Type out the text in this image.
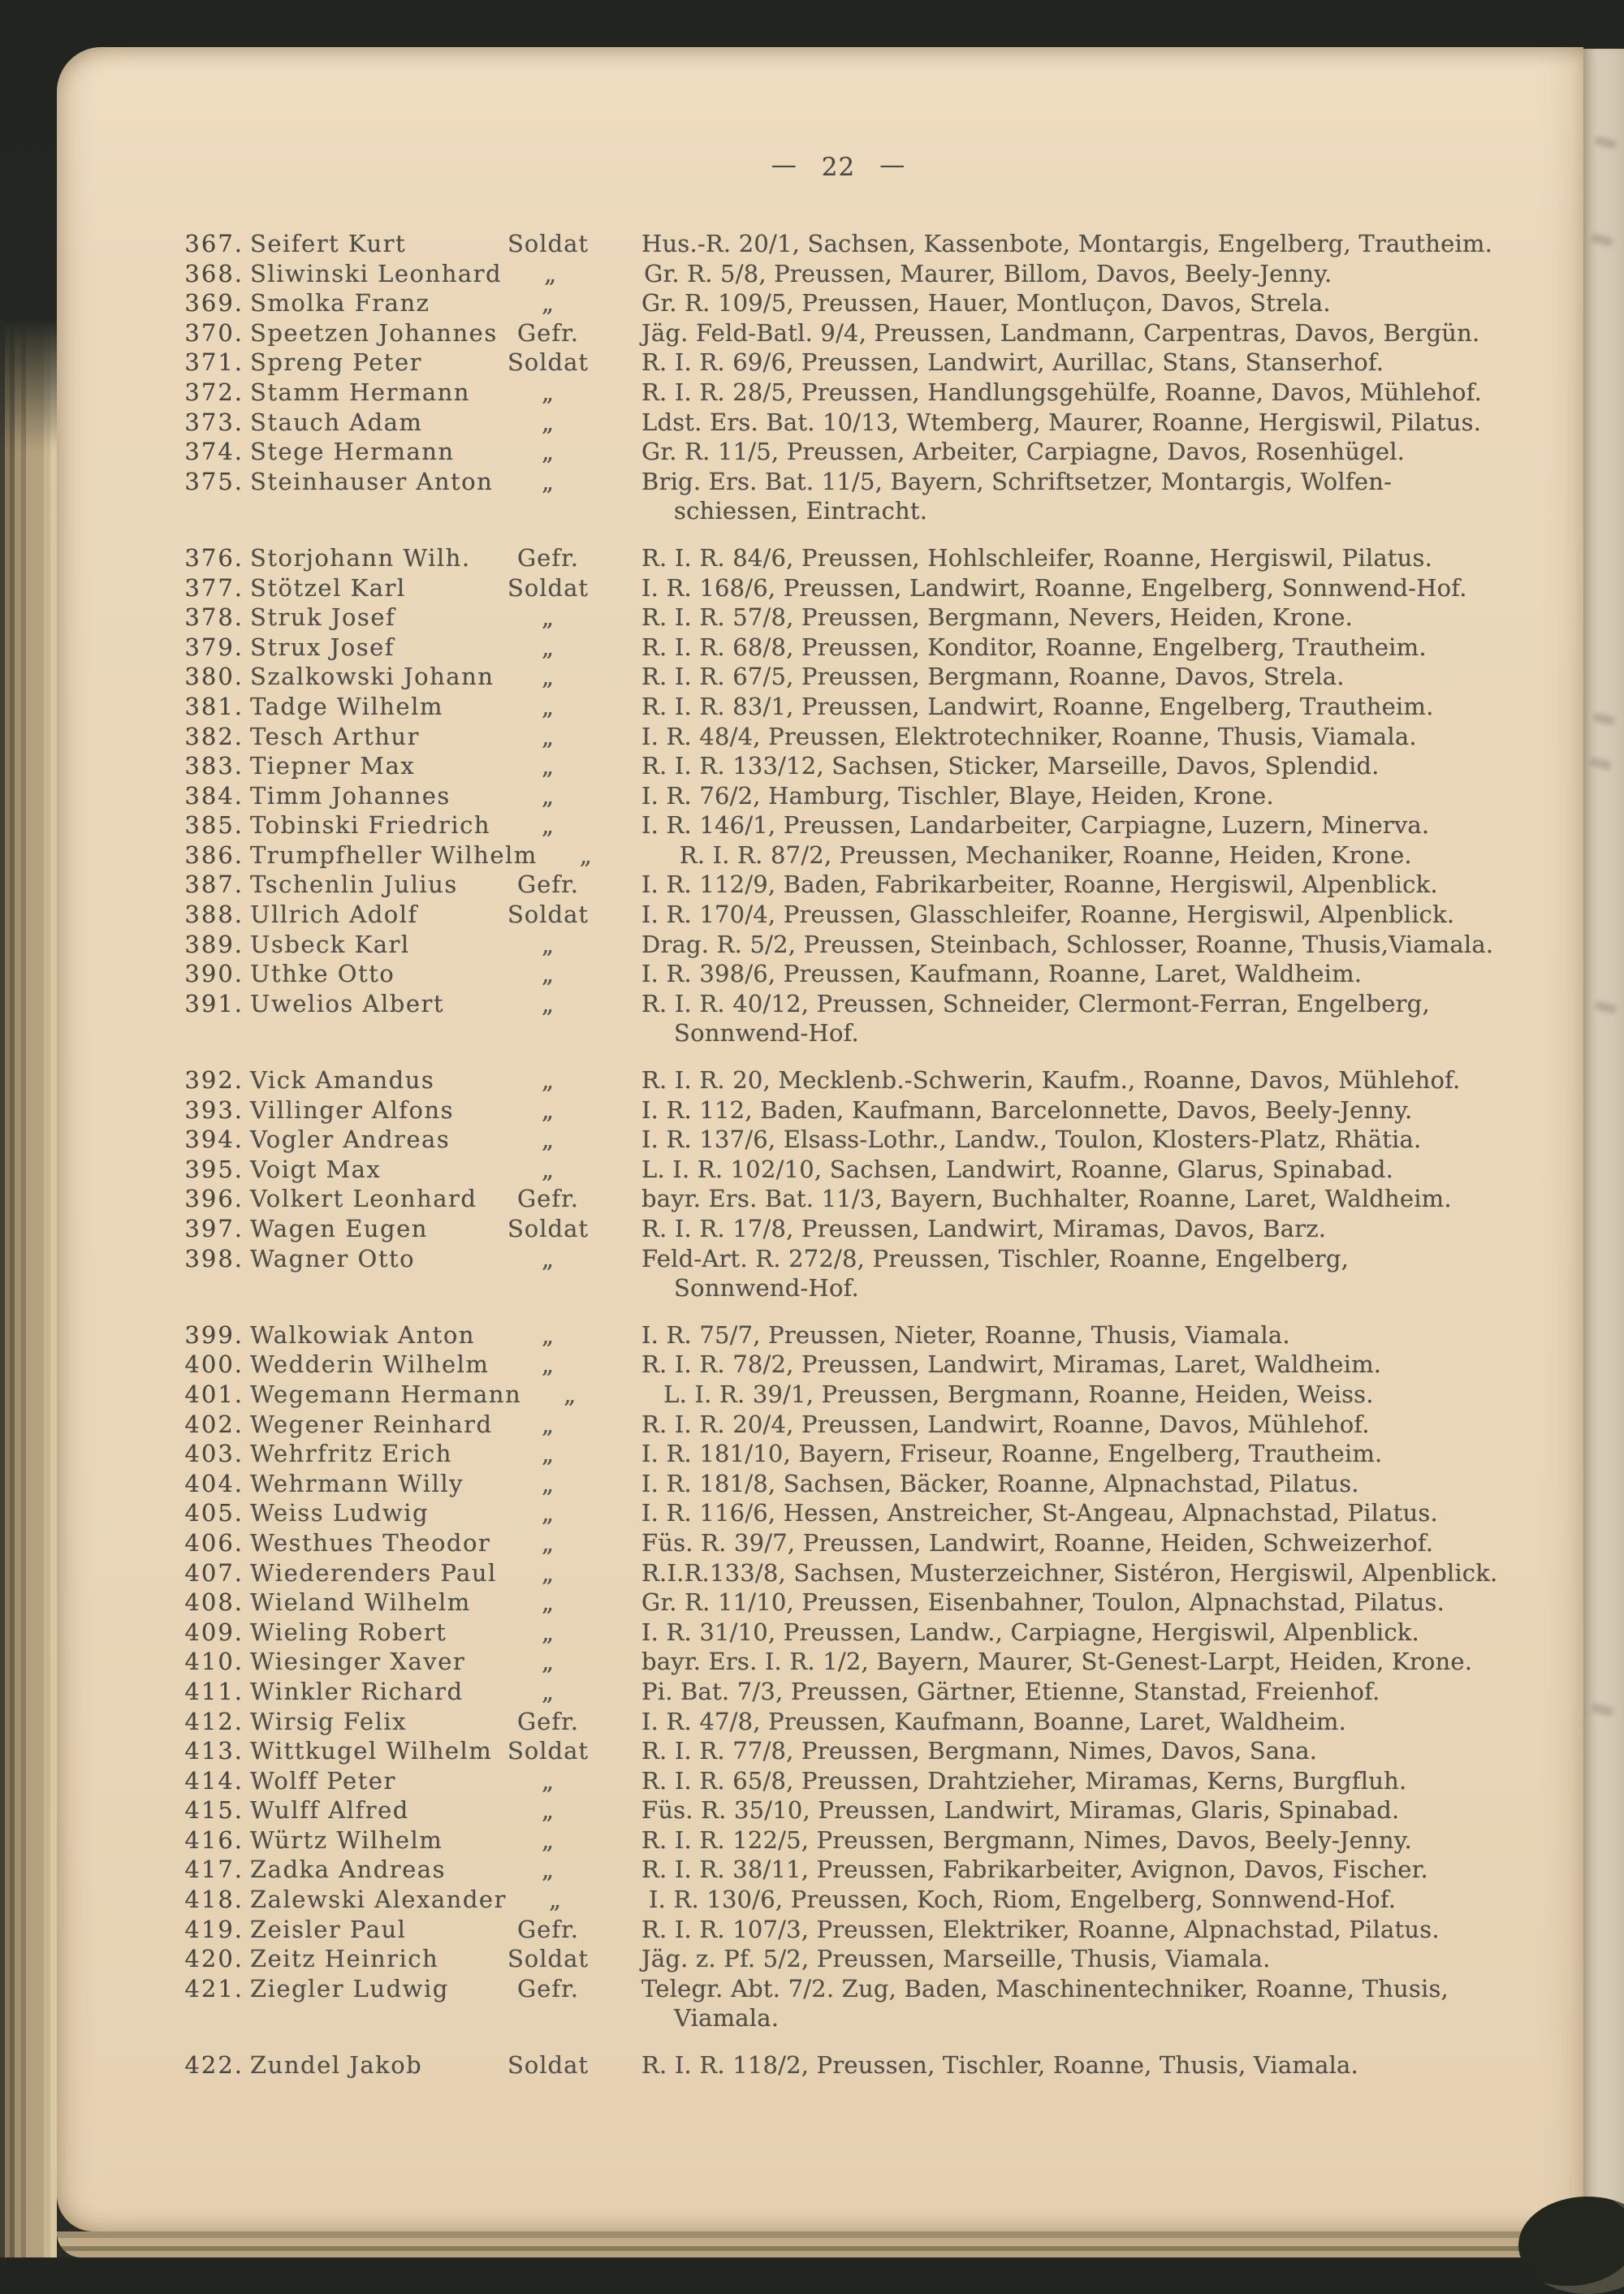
— 22 —
367. Seifert Kurt	Soldat	Hus.-R. 20/1, Sachsen, Kassenbote, Montargis, Engelberg, Trautheim.
368. Sliwinski Leonhard	„	Gr. R. 5/8, Preussen, Maurer, Billom, Davos, Beely-Jenny.
369. Smolka Franz	„	Gr. R. 109/5, Preussen, Hauer, Montluçon, Davos, Strela.
370. Speetzen Johannes Gefr.	Jäg. Feld-Batl. 9/4, Preussen, Landmann, Carpentras, Davos, Bergün.
371. Spreng Peter	Soldat	R. I. R. 69/6, Preussen, Landwirt, Aurillac, Stans, Stanserhof.
372. Stamm Hermann	„	R. I. R. 28/5, Preussen, Handlungsgehülfe, Roanne, Davos, Mühlehof.
373. Stauch Adam	„	Ldst. Ers. Bat. 10/13, Wtemberg, Maurer, Roanne, Hergiswil, Pilatus.
374. Stege Hermann	„	Gr. R. 11/5, Preussen, Arbeiter, Carpiagne, Davos, Rosenhügel.
375. Steinhauser Anton	„	Brig. Ers. Bat. 11/5, Bayern, Schriftsetzer, Montargis, Wolfen-schiessen, Eintracht.
376. Storjohann Wilh.	Gefr.	R. I. R. 84/6, Preussen, Hohlschleifer, Roanne, Hergiswil, Pilatus.
377. Stötzel Karl	Soldat	I. R. 168/6, Preussen, Landwirt, Roanne, Engelberg, Sonnwend‑Hof.
378. Struk Josef	„	R. I. R. 57/8, Preussen, Bergmann, Nevers, Heiden, Krone.
379. Strux Josef	„	R. I. R. 68/8, Preussen, Konditor, Roanne, Engelberg, Trautheim.
380. Szalkowski Johann	„	R. I. R. 67/5, Preussen, Bergmann, Roanne, Davos, Strela.
381. Tadge Wilhelm	„	R. I. R. 83/1, Preussen, Landwirt, Roanne, Engelberg, Trautheim.
382. Tesch Arthur	„	I. R. 48/4, Preussen, Elektrotechniker, Roanne, Thusis, Viamala.
383. Tiepner Max	„	R. I. R. 133/12, Sachsen, Sticker, Marseille, Davos, Splendid.
384. Timm Johannes	„	I. R. 76/2, Hamburg, Tischler, Blaye, Heiden, Krone.
385. Tobinski Friedrich	„	I. R. 146/1, Preussen, Landarbeiter, Carpiagne, Luzern, Minerva.
386. Trumpfheller Wilhelm	„	R. I. R. 87/2, Preussen, Mechaniker, Roanne, Heiden, Krone.
387. Tschenlin Julius	Gefr.	I. R. 112/9, Baden, Fabrikarbeiter, Roanne, Hergiswil, Alpenblick.
388. Ullrich Adolf	Soldat	I. R. 170/4, Preussen, Glasschleifer, Roanne, Hergiswil, Alpenblick.
389. Usbeck Karl	„	Drag. R. 5/2, Preussen, Steinbach, Schlosser, Roanne, Thusis,Viamala.
390. Uthke Otto	„	I. R. 398/6, Preussen, Kaufmann, Roanne, Laret, Waldheim.
391. Uwelios Albert	„	R. I. R. 40/12, Preussen, Schneider, Clermont-Ferran, Engelberg, Sonnwend‑Hof.
392. Vick Amandus	„	R. I. R. 20, Mecklenb.-Schwerin, Kaufm., Roanne, Davos, Mühlehof.
393. Villinger Alfons	„	I. R. 112, Baden, Kaufmann, Barcelonnette, Davos, Beely-Jenny.
394. Vogler Andreas	„	I. R. 137/6, Elsass-Lothr., Landw., Toulon, Klosters‑Platz, Rhätia.
395. Voigt Max	„	L. I. R. 102/10, Sachsen, Landwirt, Roanne, Glarus, Spinabad.
396. Volkert Leonhard	Gefr.	bayr. Ers. Bat. 11/3, Bayern, Buchhalter, Roanne, Laret, Waldheim.
397. Wagen Eugen	Soldat	R. I. R. 17/8, Preussen, Landwirt, Miramas, Davos, Barz.
398. Wagner Otto	„	Feld-Art. R. 272/8, Preussen, Tischler, Roanne, Engelberg, Sonnwend‑Hof.
399. Walkowiak Anton	„	I. R. 75/7, Preussen, Nieter, Roanne, Thusis, Viamala.
400. Wedderin Wilhelm	„	R. I. R. 78/2, Preussen, Landwirt, Miramas, Laret, Waldheim.
401. Wegemann Hermann	„	L. I. R. 39/1, Preussen, Bergmann, Roanne, Heiden, Weiss.
402. Wegener Reinhard	„	R. I. R. 20/4, Preussen, Landwirt, Roanne, Davos, Mühlehof.
403. Wehrfritz Erich	„	I. R. 181/10, Bayern, Friseur, Roanne, Engelberg, Trautheim.
404. Wehrmann Willy	„	I. R. 181/8, Sachsen, Bäcker, Roanne, Alpnachstad, Pilatus.
405. Weiss Ludwig	„	I. R. 116/6, Hessen, Anstreicher, St-Angeau, Alpnachstad, Pilatus.
406. Westhues Theodor	„	Füs. R. 39/7, Preussen, Landwirt, Roanne, Heiden, Schweizerhof.
407. Wiederenders Paul	„	R.I.R.133/8, Sachsen, Musterzeichner, Sistéron, Hergiswil, Alpenblick.
408. Wieland Wilhelm	„	Gr. R. 11/10, Preussen, Eisenbahner, Toulon, Alpnachstad, Pilatus.
409. Wieling Robert	„	I. R. 31/10, Preussen, Landw., Carpiagne, Hergiswil, Alpenblick.
410. Wiesinger Xaver	„	bayr. Ers. I. R. 1/2, Bayern, Maurer, St‑Genest‑Larpt, Heiden, Krone.
411. Winkler Richard	„	Pi. Bat. 7/3, Preussen, Gärtner, Etienne, Stanstad, Freienhof.
412. Wirsig Felix	Gefr.	I. R. 47/8, Preussen, Kaufmann, Boanne, Laret, Waldheim.
413. Wittkugel Wilhelm Soldat	R. I. R. 77/8, Preussen, Bergmann, Nimes, Davos, Sana.
414. Wolff Peter	„	R. I. R. 65/8, Preussen, Drahtzieher, Miramas, Kerns, Burgfluh.
415. Wulff Alfred	„	Füs. R. 35/10, Preussen, Landwirt, Miramas, Glaris, Spinabad.
416. Würtz Wilhelm	„	R. I. R. 122/5, Preussen, Bergmann, Nimes, Davos, Beely-Jenny.
417. Zadka Andreas	„	R. I. R. 38/11, Preussen, Fabrikarbeiter, Avignon, Davos, Fischer.
418. Zalewski Alexander	„	I. R. 130/6, Preussen, Koch, Riom, Engelberg, Sonnwend‑Hof.
419. Zeisler Paul	Gefr.	R. I. R. 107/3, Preussen, Elektriker, Roanne, Alpnachstad, Pilatus.
420. Zeitz Heinrich	Soldat	Jäg. z. Pf. 5/2, Preussen, Marseille, Thusis, Viamala.
421. Ziegler Ludwig	Gefr.	Telegr. Abt. 7/2. Zug, Baden, Maschinentechniker, Roanne, Thusis, Viamala.
422. Zundel Jakob	Soldat	R. I. R. 118/2, Preussen, Tischler, Roanne, Thusis, Viamala.
